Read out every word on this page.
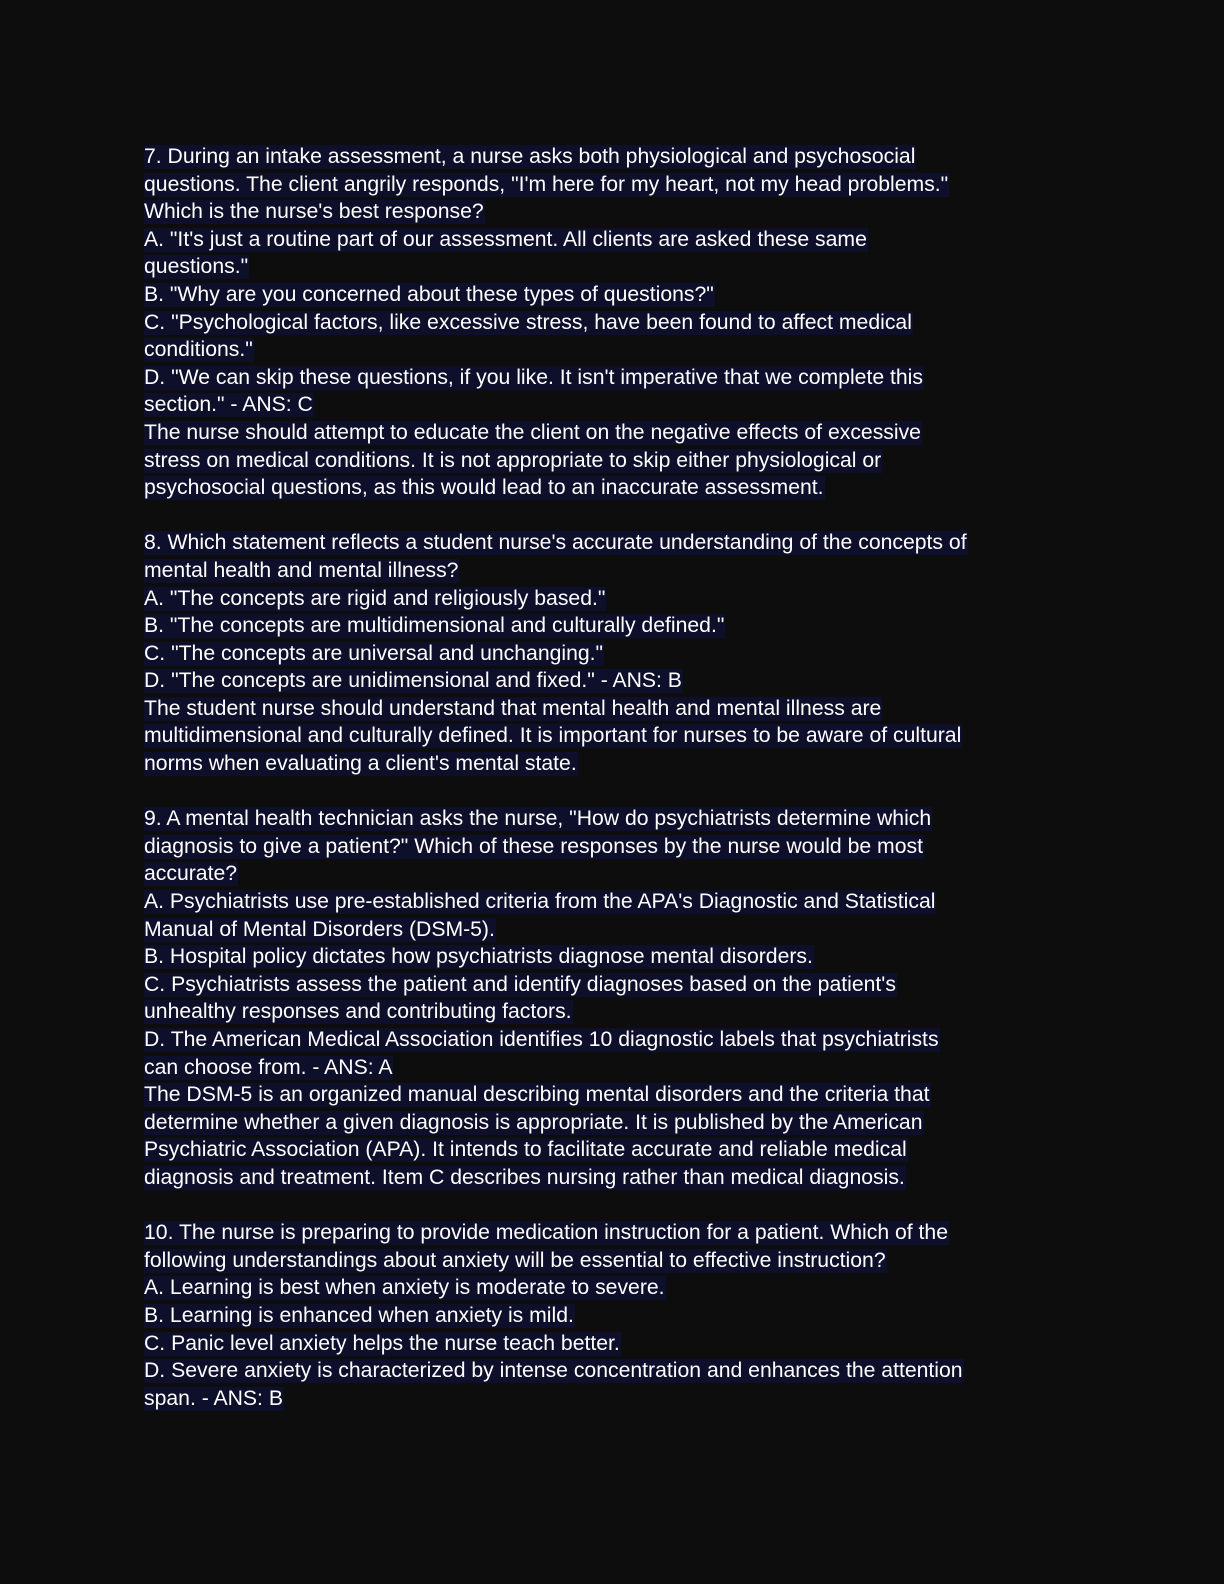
7. During an intake assessment, a nurse asks both physiological and psychosocial
questions. The client angrily responds, "I'm here for my heart, not my head problems."
Which is the nurse's best response?
A. "It's just a routine part of our assessment. All clients are asked these same
questions."
B. "Why are you concerned about these types of questions?"
C. "Psychological factors, like excessive stress, have been found to affect medical
conditions."
D. "We can skip these questions, if you like. It isn't imperative that we complete this
section." - ANS: C
The nurse should attempt to educate the client on the negative effects of excessive
stress on medical conditions. It is not appropriate to skip either physiological or
psychosocial questions, as this would lead to an inaccurate assessment.
8. Which statement reflects a student nurse's accurate understanding of the concepts of
mental health and mental illness?
A. "The concepts are rigid and religiously based."
B. "The concepts are multidimensional and culturally defined."
C. "The concepts are universal and unchanging."
D. "The concepts are unidimensional and fixed." - ANS: B
The student nurse should understand that mental health and mental illness are
multidimensional and culturally defined. It is important for nurses to be aware of cultural
norms when evaluating a client's mental state.
9. A mental health technician asks the nurse, "How do psychiatrists determine which
diagnosis to give a patient?" Which of these responses by the nurse would be most
accurate?
A. Psychiatrists use pre-established criteria from the APA's Diagnostic and Statistical
Manual of Mental Disorders (DSM-5).
B. Hospital policy dictates how psychiatrists diagnose mental disorders.
C. Psychiatrists assess the patient and identify diagnoses based on the patient's
unhealthy responses and contributing factors.
D. The American Medical Association identifies 10 diagnostic labels that psychiatrists
can choose from. - ANS: A
The DSM-5 is an organized manual describing mental disorders and the criteria that
determine whether a given diagnosis is appropriate. It is published by the American
Psychiatric Association (APA). It intends to facilitate accurate and reliable medical
diagnosis and treatment. Item C describes nursing rather than medical diagnosis.
10. The nurse is preparing to provide medication instruction for a patient. Which of the
following understandings about anxiety will be essential to effective instruction?
A. Learning is best when anxiety is moderate to severe.
B. Learning is enhanced when anxiety is mild.
C. Panic level anxiety helps the nurse teach better.
D. Severe anxiety is characterized by intense concentration and enhances the attention
span. - ANS: B
